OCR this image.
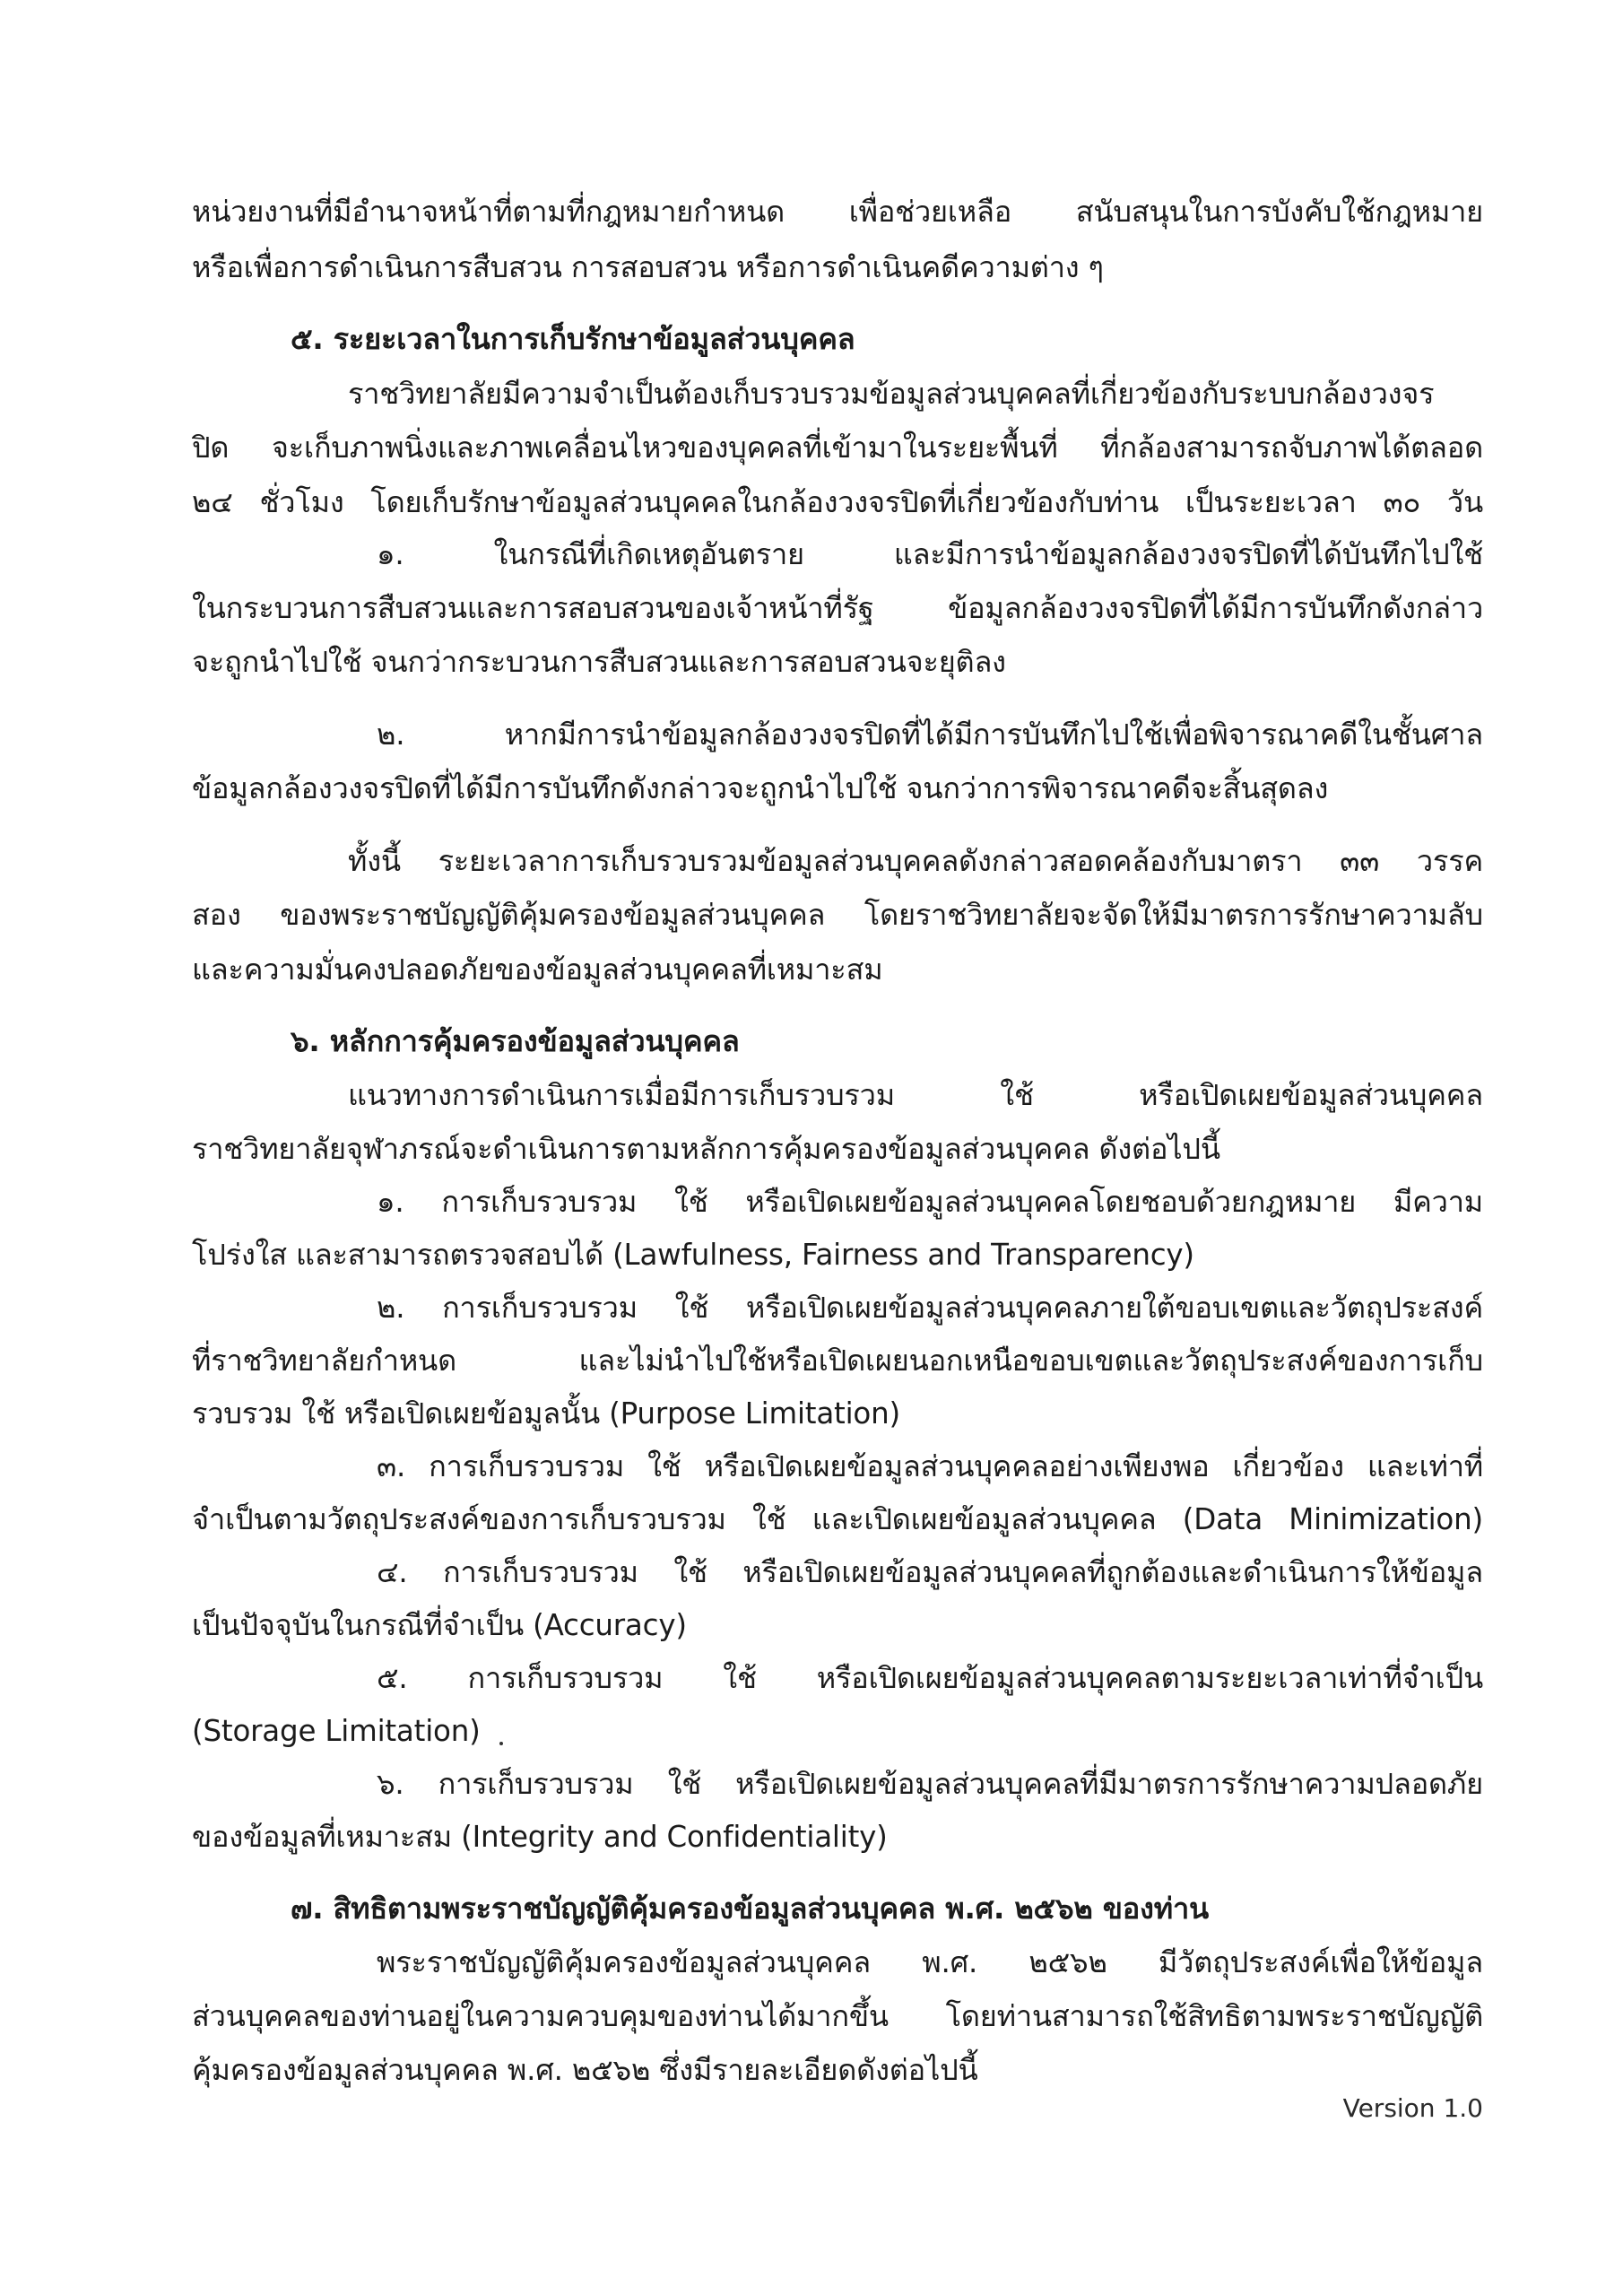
หน่วยงานที่มีอำนาจหน้าที่ตามที่กฎหมายกำหนด เพื่อช่วยเหลือ สนับสนุนในการบังคับใช้กฎหมาย
หรือเพื่อการดำเนินการสืบสวน การสอบสวน หรือการดำเนินคดีความต่าง ๆ
๕. ระยะเวลาในการเก็บรักษาข้อมูลส่วนบุคคล
ราชวิทยาลัยมีความจำเป็นต้องเก็บรวบรวมข้อมูลส่วนบุคคลที่เกี่ยวข้องกับระบบกล้องวงจร
ปิด จะเก็บภาพนิ่งและภาพเคลื่อนไหวของบุคคลที่เข้ามาในระยะพื้นที่ ที่กล้องสามารถจับภาพได้ตลอด
๒๔ ชั่วโมง โดยเก็บรักษาข้อมูลส่วนบุคคลในกล้องวงจรปิดที่เกี่ยวข้องกับท่าน เป็นระยะเวลา ๓๐ วัน
๑. ในกรณีที่เกิดเหตุอันตราย และมีการนำข้อมูลกล้องวงจรปิดที่ได้บันทึกไปใช้
ในกระบวนการสืบสวนและการสอบสวนของเจ้าหน้าที่รัฐ ข้อมูลกล้องวงจรปิดที่ได้มีการบันทึกดังกล่าว
จะถูกนำไปใช้ จนกว่ากระบวนการสืบสวนและการสอบสวนจะยุติลง
๒. หากมีการนำข้อมูลกล้องวงจรปิดที่ได้มีการบันทึกไปใช้เพื่อพิจารณาคดีในชั้นศาล
ข้อมูลกล้องวงจรปิดที่ได้มีการบันทึกดังกล่าวจะถูกนำไปใช้ จนกว่าการพิจารณาคดีจะสิ้นสุดลง
ทั้งนี้ ระยะเวลาการเก็บรวบรวมข้อมูลส่วนบุคคลดังกล่าวสอดคล้องกับมาตรา ๓๓ วรรค
สอง ของพระราชบัญญัติคุ้มครองข้อมูลส่วนบุคคล โดยราชวิทยาลัยจะจัดให้มีมาตรการรักษาความลับ
และความมั่นคงปลอดภัยของข้อมูลส่วนบุคคลที่เหมาะสม
๖. หลักการคุ้มครองข้อมูลส่วนบุคคล
แนวทางการดำเนินการเมื่อมีการเก็บรวบรวม ใช้ หรือเปิดเผยข้อมูลส่วนบุคคล
ราชวิทยาลัยจุฬาภรณ์จะดำเนินการตามหลักการคุ้มครองข้อมูลส่วนบุคคล ดังต่อไปนี้
๑. การเก็บรวบรวม ใช้ หรือเปิดเผยข้อมูลส่วนบุคคลโดยชอบด้วยกฎหมาย มีความ
โปร่งใส และสามารถตรวจสอบได้ (Lawfulness, Fairness and Transparency)
๒. การเก็บรวบรวม ใช้ หรือเปิดเผยข้อมูลส่วนบุคคลภายใต้ขอบเขตและวัตถุประสงค์
ที่ราชวิทยาลัยกำหนด และไม่นำไปใช้หรือเปิดเผยนอกเหนือขอบเขตและวัตถุประสงค์ของการเก็บ
รวบรวม ใช้ หรือเปิดเผยข้อมูลนั้น (Purpose Limitation)
๓. การเก็บรวบรวม ใช้ หรือเปิดเผยข้อมูลส่วนบุคคลอย่างเพียงพอ เกี่ยวข้อง และเท่าที่
จำเป็นตามวัตถุประสงค์ของการเก็บรวบรวม ใช้ และเปิดเผยข้อมูลส่วนบุคคล (Data Minimization)
๔. การเก็บรวบรวม ใช้ หรือเปิดเผยข้อมูลส่วนบุคคลที่ถูกต้องและดำเนินการให้ข้อมูล
เป็นปัจจุบันในกรณีที่จำเป็น (Accuracy)
๕. การเก็บรวบรวม ใช้ หรือเปิดเผยข้อมูลส่วนบุคคลตามระยะเวลาเท่าที่จำเป็น
(Storage Limitation)
๖. การเก็บรวบรวม ใช้ หรือเปิดเผยข้อมูลส่วนบุคคลที่มีมาตรการรักษาความปลอดภัย
ของข้อมูลที่เหมาะสม (Integrity and Confidentiality)
๗. สิทธิตามพระราชบัญญัติคุ้มครองข้อมูลส่วนบุคคล พ.ศ. ๒๕๖๒ ของท่าน
พระราชบัญญัติคุ้มครองข้อมูลส่วนบุคคล พ.ศ. ๒๕๖๒ มีวัตถุประสงค์เพื่อให้ข้อมูล
ส่วนบุคคลของท่านอยู่ในความควบคุมของท่านได้มากขึ้น โดยท่านสามารถใช้สิทธิตามพระราชบัญญัติ
คุ้มครองข้อมูลส่วนบุคคล พ.ศ. ๒๕๖๒ ซึ่งมีรายละเอียดดังต่อไปนี้
Version 1.0
